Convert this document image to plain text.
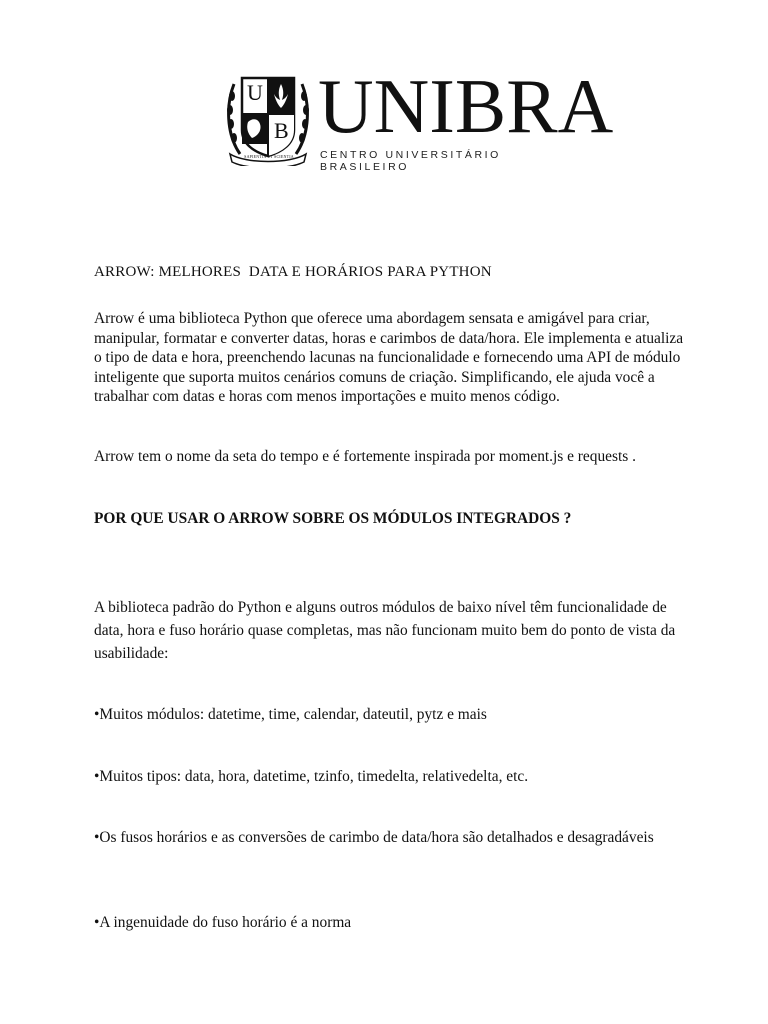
U
B
SAPIENTIA ET SCIENTIA
UNIBRA
CENTRO UNIVERSITÁRIO BRASILEIRO
ARROW: MELHORES  DATA E HORÁRIOS PARA PYTHON
Arrow é uma biblioteca Python que oferece uma abordagem sensata e amigável para criar, manipular, formatar e converter datas, horas e carimbos de data/hora. Ele implementa e atualiza o tipo de data e hora, preenchendo lacunas na funcionalidade e fornecendo uma API de módulo inteligente que suporta muitos cenários comuns de criação. Simplificando, ele ajuda você a trabalhar com datas e horas com menos importações e muito menos código.
Arrow tem o nome da seta do tempo e é fortemente inspirada por moment.js e requests .
POR QUE USAR O ARROW SOBRE OS MÓDULOS INTEGRADOS ?
A biblioteca padrão do Python e alguns outros módulos de baixo nível têm funcionalidade de data, hora e fuso horário quase completas, mas não funcionam muito bem do ponto de vista da usabilidade:
•Muitos módulos: datetime, time, calendar, dateutil, pytz e mais
•Muitos tipos: data, hora, datetime, tzinfo, timedelta, relativedelta, etc.
•Os fusos horários e as conversões de carimbo de data/hora são detalhados e desagradáveis
•A ingenuidade do fuso horário é a norma
